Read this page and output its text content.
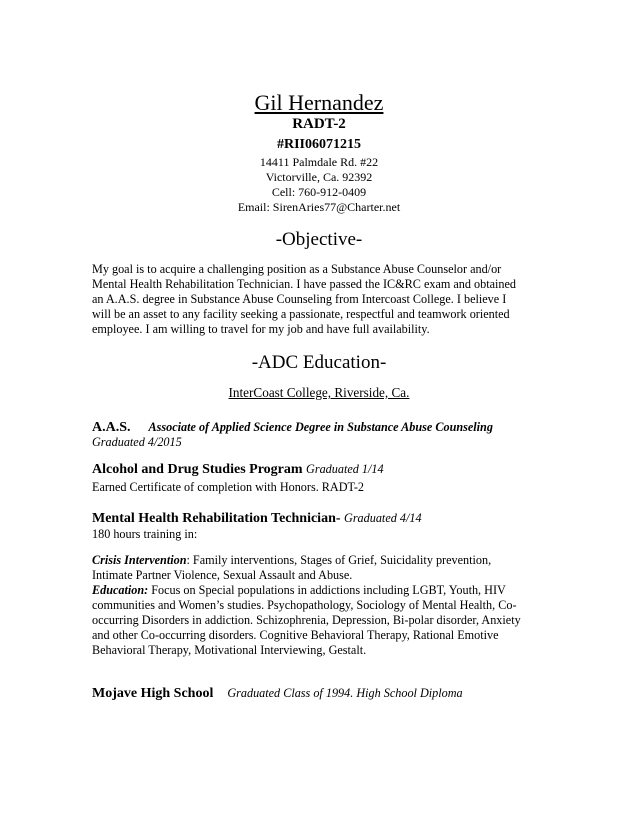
Gil Hernandez
RADT-2
#RII06071215
14411 Palmdale Rd. #22
Victorville, Ca. 92392
Cell: 760-912-0409
Email: SirenAries77@Charter.net
-Objective-
My goal is to acquire a challenging position as a Substance Abuse Counselor and/or
Mental Health Rehabilitation Technician. I have passed the IC&RC exam and obtained
an A.A.S. degree in Substance Abuse Counseling from Intercoast College. I believe I
will be an asset to any facility seeking a passionate, respectful and teamwork oriented
employee. I am willing to travel for my job and have full availability.
-ADC Education-
InterCoast College, Riverside, Ca.
A.A.S. Associate of Applied Science Degree in Substance Abuse Counseling
Graduated 4/2015
Alcohol and Drug Studies Program Graduated 1/14
Earned Certificate of completion with Honors. RADT-2
Mental Health Rehabilitation Technician- Graduated 4/14
180 hours training in:
Crisis Intervention: Family interventions, Stages of Grief, Suicidality prevention,
Intimate Partner Violence, Sexual Assault and Abuse.
Education: Focus on Special populations in addictions including LGBT, Youth, HIV
communities and Women’s studies. Psychopathology, Sociology of Mental Health, Co-
occurring Disorders in addiction. Schizophrenia, Depression, Bi-polar disorder, Anxiety
and other Co-occurring disorders. Cognitive Behavioral Therapy, Rational Emotive
Behavioral Therapy, Motivational Interviewing, Gestalt.
Mojave High School Graduated Class of 1994. High School Diploma
